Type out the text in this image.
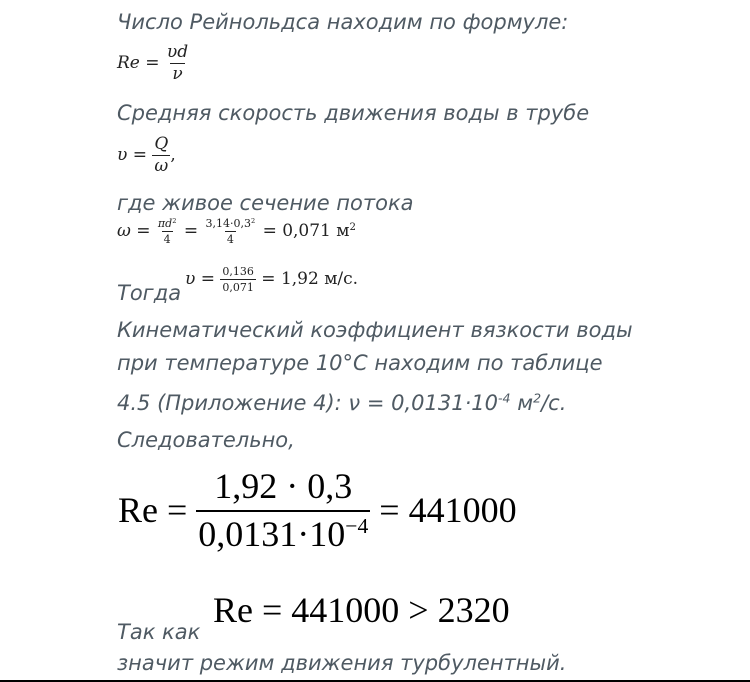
Число Рейнольдса находим по формуле:
$Re = \frac{\upsilon d}{\nu}$
Средняя скорость движения воды в трубе
$\upsilon = \frac{Q}{\omega}$ ,
где живое сечение потока
$\omega = \frac{\pi d^2}{4} = \frac{3,14\cdot 0,3^2}{4} = 0,071$ $м^2$
Тогда
$\upsilon = \frac{0,136}{0,071} = 1,92$ м/с.
Кинематический коэффициент вязкости воды
при температуре 10°С находим по таблице
4.5 (Приложение 4): $\nu = 0,0131\cdot 10^{-4}$ $м^2/с$.
Следовательно,
$Re = \frac{1,92 \cdot 0,3}{0,0131\cdot 10^{-4}} = 441000$
Re = 441000 > 2320
Так как
значит режим движения турбулентный.
